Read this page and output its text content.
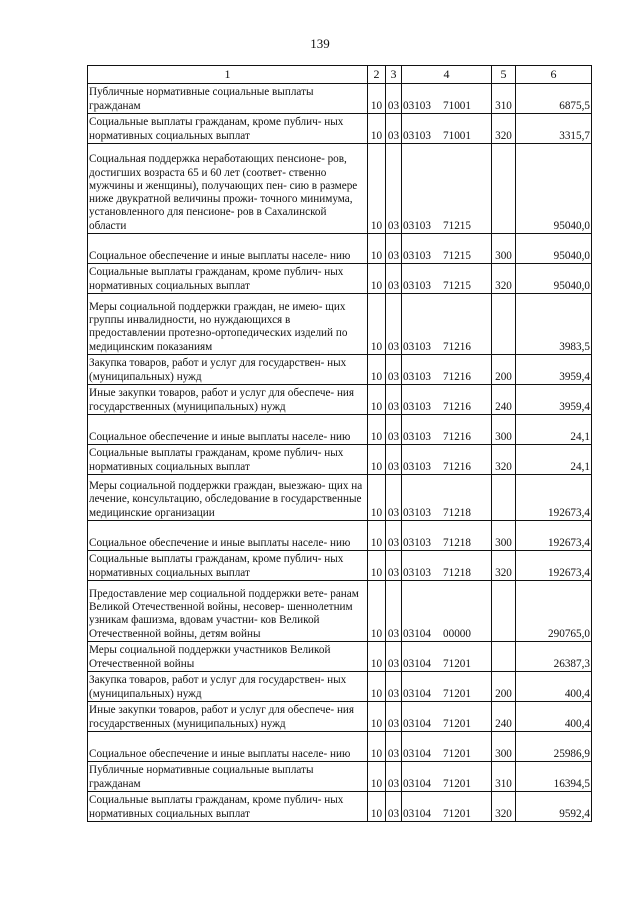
139
1	2	3	4	5	6
Публичные нормативные социальные выплаты гражданам	10	03	03103 71001	310	6875,5
Социальные выплаты гражданам, кроме публич- ных нормативных социальных выплат	10	03	03103 71001	320	3315,7
Социальная поддержка неработающих пенсионе- ров, достигших возраста 65 и 60 лет (соответ- ственно мужчины и женщины), получающих пен- сию в размере ниже двукратной величины прожи- точного минимума, установленного для пенсионе- ров в Сахалинской области	10	03	03103 71215		95040,0
Социальное обеспечение и иные выплаты населе- нию	10	03	03103 71215	300	95040,0
Социальные выплаты гражданам, кроме публич- ных нормативных социальных выплат	10	03	03103 71215	320	95040,0
Меры социальной поддержки граждан, не имею- щих группы инвалидности, но нуждающихся в предоставлении протезно-ортопедических изделий по медицинским показаниям	10	03	03103 71216		3983,5
Закупка товаров, работ и услуг для государствен- ных (муниципальных) нужд	10	03	03103 71216	200	3959,4
Иные закупки товаров, работ и услуг для обеспече- ния государственных (муниципальных) нужд	10	03	03103 71216	240	3959,4
Социальное обеспечение и иные выплаты населе- нию	10	03	03103 71216	300	24,1
Социальные выплаты гражданам, кроме публич- ных нормативных социальных выплат	10	03	03103 71216	320	24,1
Меры социальной поддержки граждан, выезжаю- щих на лечение, консультацию, обследование в государственные медицинские организации	10	03	03103 71218		192673,4
Социальное обеспечение и иные выплаты населе- нию	10	03	03103 71218	300	192673,4
Социальные выплаты гражданам, кроме публич- ных нормативных социальных выплат	10	03	03103 71218	320	192673,4
Предоставление мер социальной поддержки вете- ранам Великой Отечественной войны, несовер- шеннолетним узникам фашизма, вдовам участни- ков Великой Отечественной войны, детям войны	10	03	03104 00000		290765,0
Меры социальной поддержки участников Великой Отечественной войны	10	03	03104 71201		26387,3
Закупка товаров, работ и услуг для государствен- ных (муниципальных) нужд	10	03	03104 71201	200	400,4
Иные закупки товаров, работ и услуг для обеспече- ния государственных (муниципальных) нужд	10	03	03104 71201	240	400,4
Социальное обеспечение и иные выплаты населе- нию	10	03	03104 71201	300	25986,9
Публичные нормативные социальные выплаты гражданам	10	03	03104 71201	310	16394,5
Социальные выплаты гражданам, кроме публич- ных нормативных социальных выплат	10	03	03104 71201	320	9592,4
